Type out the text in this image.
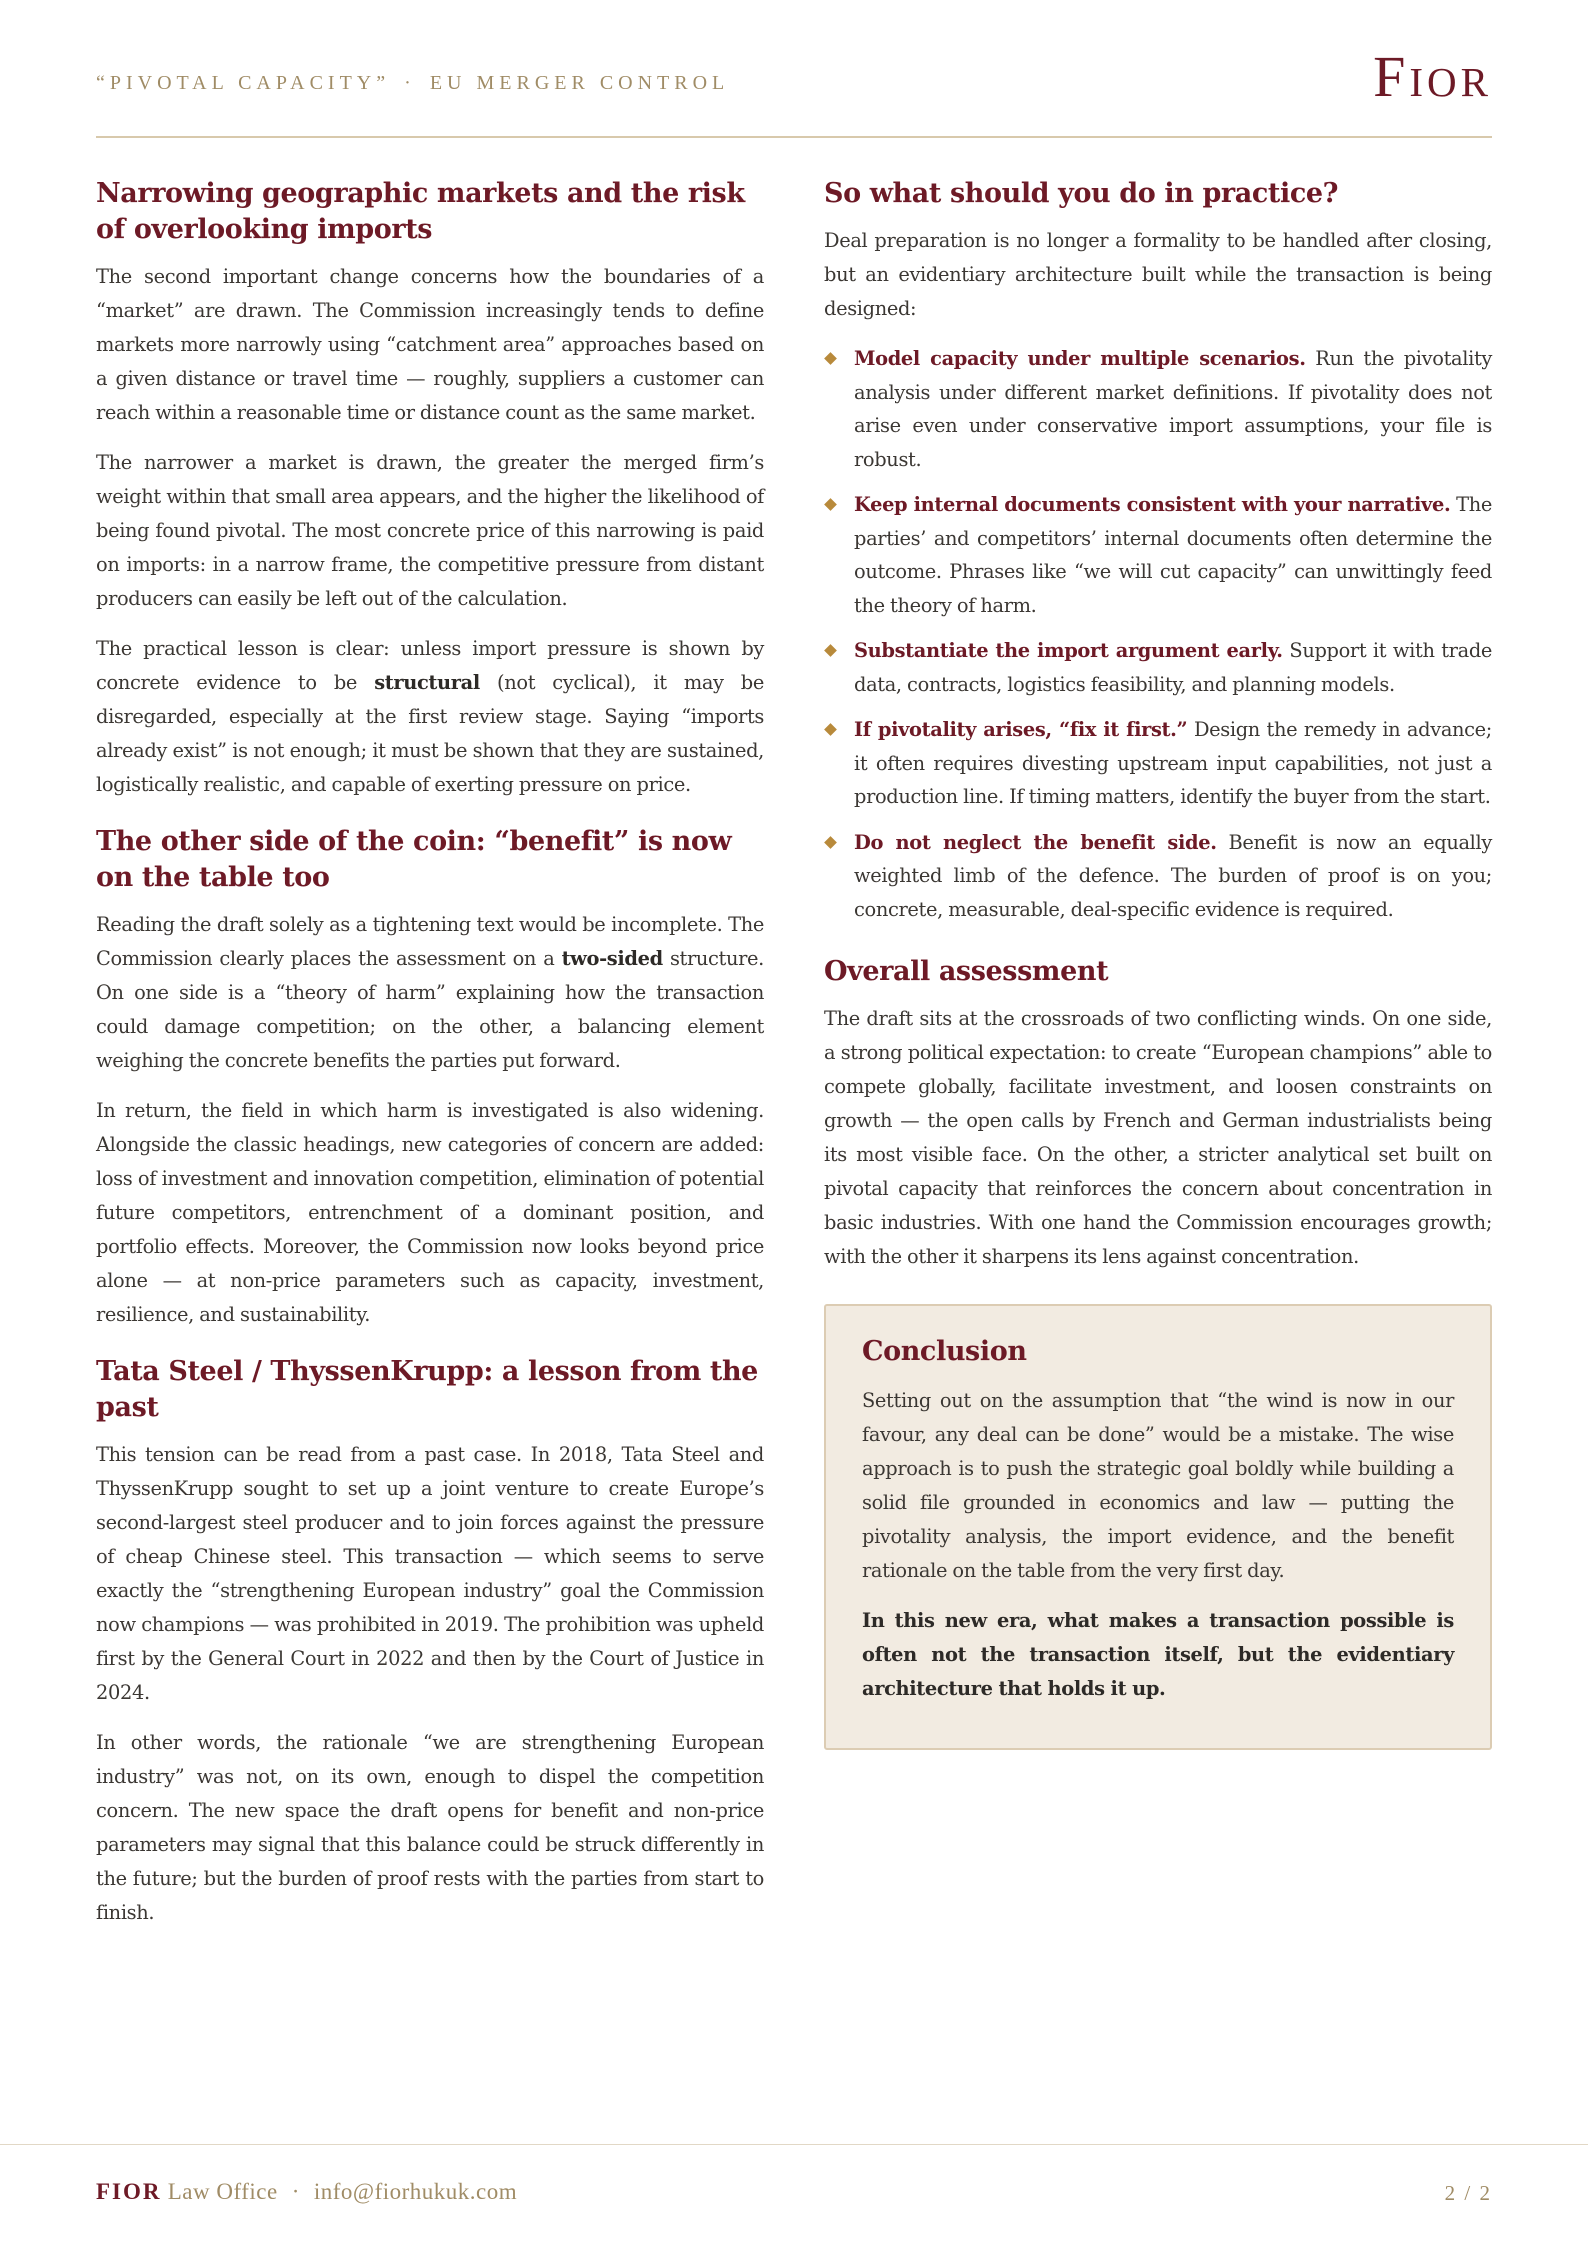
“PIVOTAL CAPACITY” · EU MERGER CONTROL	Fior
Narrowing geographic markets and the risk of overlooking imports

The second important change concerns how the boundaries of a “market” are drawn. The Commission increasingly tends to define markets more narrowly using “catchment area” approaches based on a given distance or travel time — roughly, suppliers a customer can reach within a reasonable time or distance count as the same market.

The narrower a market is drawn, the greater the merged firm’s weight within that small area appears, and the higher the likelihood of being found pivotal. The most concrete price of this narrowing is paid on imports: in a narrow frame, the competitive pressure from distant producers can easily be left out of the calculation.

The practical lesson is clear: unless import pressure is shown by concrete evidence to be structural (not cyclical), it may be disregarded, especially at the first review stage. Saying “imports already exist” is not enough; it must be shown that they are sustained, logistically realistic, and capable of exerting pressure on price.

The other side of the coin: “benefit” is now on the table too

Reading the draft solely as a tightening text would be incomplete. The Commission clearly places the assessment on a two-sided structure. On one side is a “theory of harm” explaining how the transaction could damage competition; on the other, a balancing element weighing the concrete benefits the parties put forward.

In return, the field in which harm is investigated is also widening. Alongside the classic headings, new categories of concern are added: loss of investment and innovation competition, elimination of potential future competitors, entrenchment of a dominant position, and portfolio effects. Moreover, the Commission now looks beyond price alone — at non-price parameters such as capacity, investment, resilience, and sustainability.

Tata Steel / ThyssenKrupp: a lesson from the past

This tension can be read from a past case. In 2018, Tata Steel and ThyssenKrupp sought to set up a joint venture to create Europe’s second-largest steel producer and to join forces against the pressure of cheap Chinese steel. This transaction — which seems to serve exactly the “strengthening European industry” goal the Commission now champions — was prohibited in 2019. The prohibition was upheld first by the General Court in 2022 and then by the Court of Justice in 2024.

In other words, the rationale “we are strengthening European industry” was not, on its own, enough to dispel the competition concern. The new space the draft opens for benefit and non-price parameters may signal that this balance could be struck differently in the future; but the burden of proof rests with the parties from start to finish.

So what should you do in practice?

Deal preparation is no longer a formality to be handled after closing, but an evidentiary architecture built while the transaction is being designed:

Model capacity under multiple scenarios. Run the pivotality analysis under different market definitions. If pivotality does not arise even under conservative import assumptions, your file is robust.
Keep internal documents consistent with your narrative. The parties’ and competitors’ internal documents often determine the outcome. Phrases like “we will cut capacity” can unwittingly feed the theory of harm.
Substantiate the import argument early. Support it with trade data, contracts, logistics feasibility, and planning models.
If pivotality arises, “fix it first.” Design the remedy in advance; it often requires divesting upstream input capabilities, not just a production line. If timing matters, identify the buyer from the start.
Do not neglect the benefit side. Benefit is now an equally weighted limb of the defence. The burden of proof is on you; concrete, measurable, deal-specific evidence is required.
Overall assessment

The draft sits at the crossroads of two conflicting winds. On one side, a strong political expectation: to create “European champions” able to compete globally, facilitate investment, and loosen constraints on growth — the open calls by French and German industrialists being its most visible face. On the other, a stricter analytical set built on pivotal capacity that reinforces the concern about concentration in basic industries. With one hand the Commission encourages growth; with the other it sharpens its lens against concentration.

Conclusion

Setting out on the assumption that “the wind is now in our favour, any deal can be done” would be a mistake. The wise approach is to push the strategic goal boldly while building a solid file grounded in economics and law — putting the pivotality analysis, the import evidence, and the benefit rationale on the table from the very first day.

In this new era, what makes a transaction possible is often not the transaction itself, but the evidentiary architecture that holds it up.

FIOR Law Office · info@fiorhukuk.com	2 / 2
